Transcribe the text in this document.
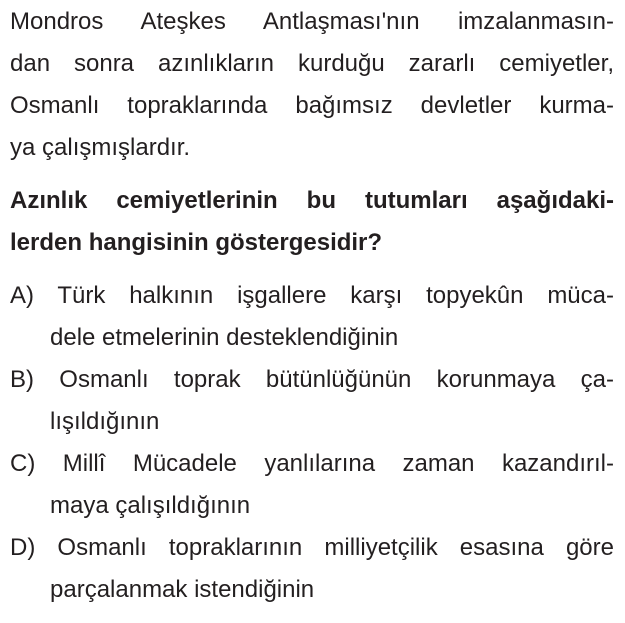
Mondros Ateşkes Antlaşması'nın imzalanmasın-
dan sonra azınlıkların kurduğu zararlı cemiyetler,
Osmanlı topraklarında bağımsız devletler kurma-
ya çalışmışlardır.
Azınlık cemiyetlerinin bu tutumları aşağıdaki-
lerden hangisinin göstergesidir?
A) Türk halkının işgallere karşı topyekûn müca-
dele etmelerinin desteklendiğinin
B) Osmanlı toprak bütünlüğünün korunmaya ça-
lışıldığının
C) Millî Mücadele yanlılarına zaman kazandırıl-
maya çalışıldığının
D) Osmanlı topraklarının milliyetçilik esasına göre
parçalanmak istendiğinin
